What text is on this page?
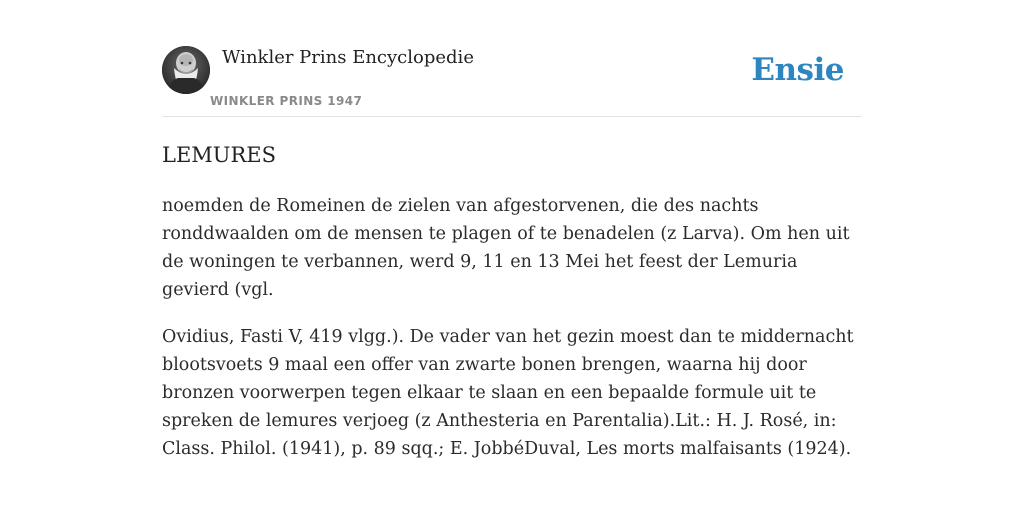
Winkler Prins Encyclopedie
WINKLER PRINS 1947
Ensie
LEMURES

noemden de Romeinen de zielen van afgestorvenen, die des nachts ronddwaalden om de mensen te plagen of te benadelen (z Larva). Om hen uit de woningen te verbannen, werd 9, 11 en 13 Mei het feest der Lemuria gevierd (vgl.

Ovidius, Fasti V, 419 vlgg.). De vader van het gezin moest dan te middernacht blootsvoets 9 maal een offer van zwarte bonen brengen, waarna hij door bronzen voorwerpen tegen elkaar te slaan en een bepaalde formule uit te spreken de lemures verjoeg (z Anthesteria en Parentalia).Lit.: H. J. Rosé, in: Class. Philol. (1941), p. 89 sqq.; E. JobbéDuval, Les morts malfaisants (1924).
